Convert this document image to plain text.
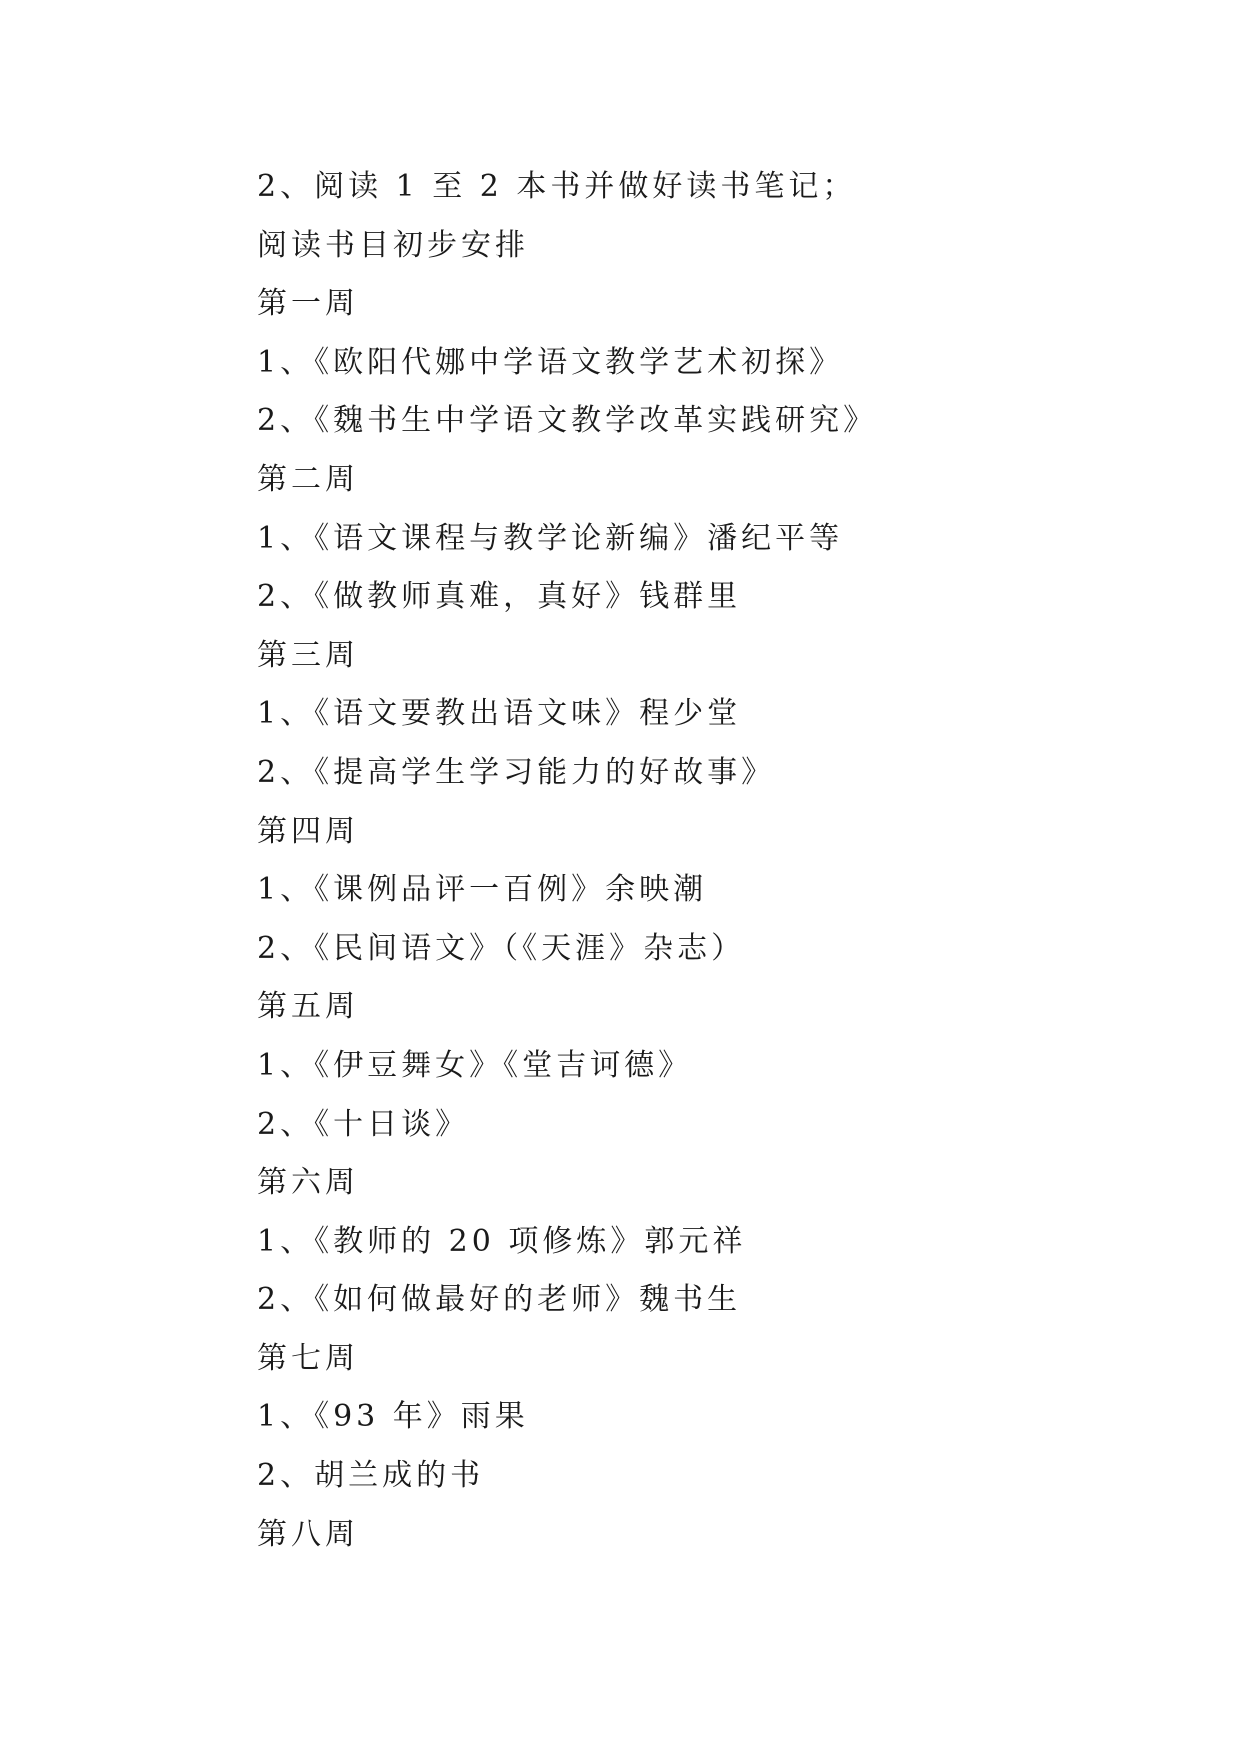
2、阅读 1 至 2 本书并做好读书笔记；
阅读书目初步安排
第一周
1、《欧阳代娜中学语文教学艺术初探》
2、《魏书生中学语文教学改革实践研究》
第二周
1、《语文课程与教学论新编》潘纪平等
2、《做教师真难，真好》钱群里
第三周
1、《语文要教出语文味》程少堂
2、《提高学生学习能力的好故事》
第四周
1、《课例品评一百例》余映潮
2、《民间语文》（《天涯》杂志）
第五周
1、《伊豆舞女》《堂吉诃德》
2、《十日谈》
第六周
1、《教师的 20 项修炼》郭元祥
2、《如何做最好的老师》魏书生
第七周
1、《93 年》雨果
2、胡兰成的书
第八周
